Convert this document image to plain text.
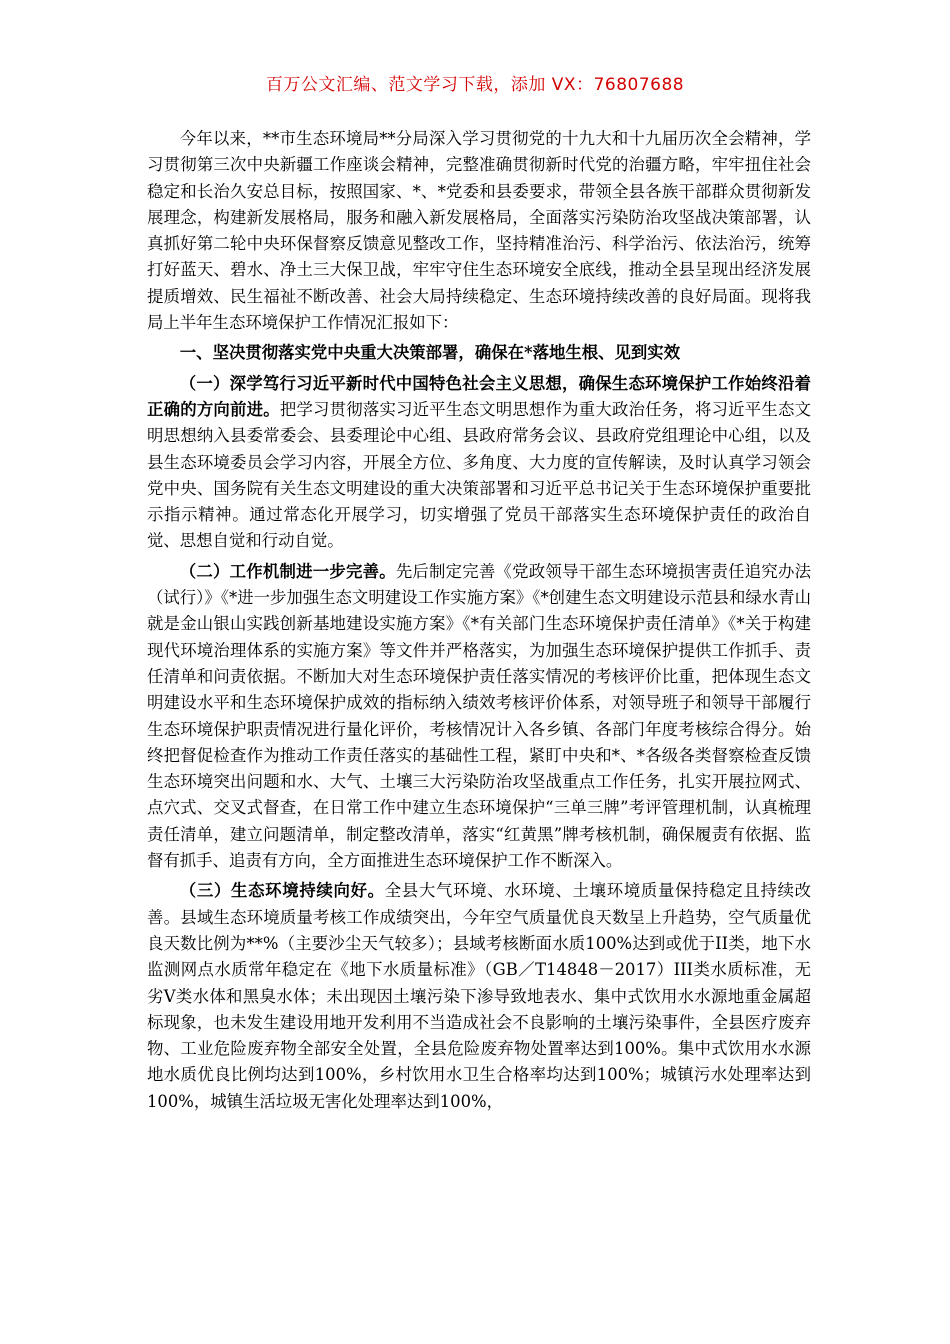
百万公文汇编、范文学习下载，添加 VX：76807688

今年以来，**市生态环境局**分局深入学习贯彻党的十九大和十九届历次全会精神，学习贯彻第三次中央新疆工作座谈会精神，完整准确贯彻新时代党的治疆方略，牢牢扭住社会稳定和长治久安总目标，按照国家、*、*党委和县委要求，带领全县各族干部群众贯彻新发展理念，构建新发展格局，服务和融入新发展格局，全面落实污染防治攻坚战决策部署，认真抓好第二轮中央环保督察反馈意见整改工作，坚持精准治污、科学治污、依法治污，统筹打好蓝天、碧水、净土三大保卫战，牢牢守住生态环境安全底线，推动全县呈现出经济发展提质增效、民生福祉不断改善、社会大局持续稳定、生态环境持续改善的良好局面。现将我局上半年生态环境保护工作情况汇报如下：

一、坚决贯彻落实党中央重大决策部署，确保在*落地生根、见到实效

（一）深学笃行习近平新时代中国特色社会主义思想，确保生态环境保护工作始终沿着正确的方向前进。把学习贯彻落实习近平生态文明思想作为重大政治任务，将习近平生态文明思想纳入县委常委会、县委理论中心组、县政府常务会议、县政府党组理论中心组，以及县生态环境委员会学习内容，开展全方位、多角度、大力度的宣传解读，及时认真学习领会党中央、国务院有关生态文明建设的重大决策部署和习近平总书记关于生态环境保护重要批示指示精神。通过常态化开展学习，切实增强了党员干部落实生态环境保护责任的政治自觉、思想自觉和行动自觉。

（二）工作机制进一步完善。先后制定完善《党政领导干部生态环境损害责任追究办法（试行）》《*进一步加强生态文明建设工作实施方案》《*创建生态文明建设示范县和绿水青山就是金山银山实践创新基地建设实施方案》《*有关部门生态环境保护责任清单》《*关于构建现代环境治理体系的实施方案》等文件并严格落实，为加强生态环境保护提供工作抓手、责任清单和问责依据。不断加大对生态环境保护责任落实情况的考核评价比重，把体现生态文明建设水平和生态环境保护成效的指标纳入绩效考核评价体系，对领导班子和领导干部履行生态环境保护职责情况进行量化评价，考核情况计入各乡镇、各部门年度考核综合得分。始终把督促检查作为推动工作责任落实的基础性工程，紧盯中央和*、*各级各类督察检查反馈生态环境突出问题和水、大气、土壤三大污染防治攻坚战重点工作任务，扎实开展拉网式、点穴式、交叉式督查，在日常工作中建立生态环境保护“三单三牌”考评管理机制，认真梳理责任清单，建立问题清单，制定整改清单，落实“红黄黑”牌考核机制，确保履责有依据、监督有抓手、追责有方向，全方面推进生态环境保护工作不断深入。

（三）生态环境持续向好。全县大气环境、水环境、土壤环境质量保持稳定且持续改善。县域生态环境质量考核工作成绩突出，今年空气质量优良天数呈上升趋势，空气质量优良天数比例为**%（主要沙尘天气较多）；县域考核断面水质100%达到或优于II类，地下水监测网点水质常年稳定在《地下水质量标准》（GB／T14848－2017）III类水质标准，无劣Ⅴ类水体和黑臭水体；未出现因土壤污染下渗导致地表水、集中式饮用水水源地重金属超标现象，也未发生建设用地开发利用不当造成社会不良影响的土壤污染事件，全县医疗废弃物、工业危险废弃物全部安全处置，全县危险废弃物处置率达到100%。集中式饮用水水源地水质优良比例均达到100%，乡村饮用水卫生合格率均达到100%；城镇污水处理率达到100%，城镇生活垃圾无害化处理率达到100%，
